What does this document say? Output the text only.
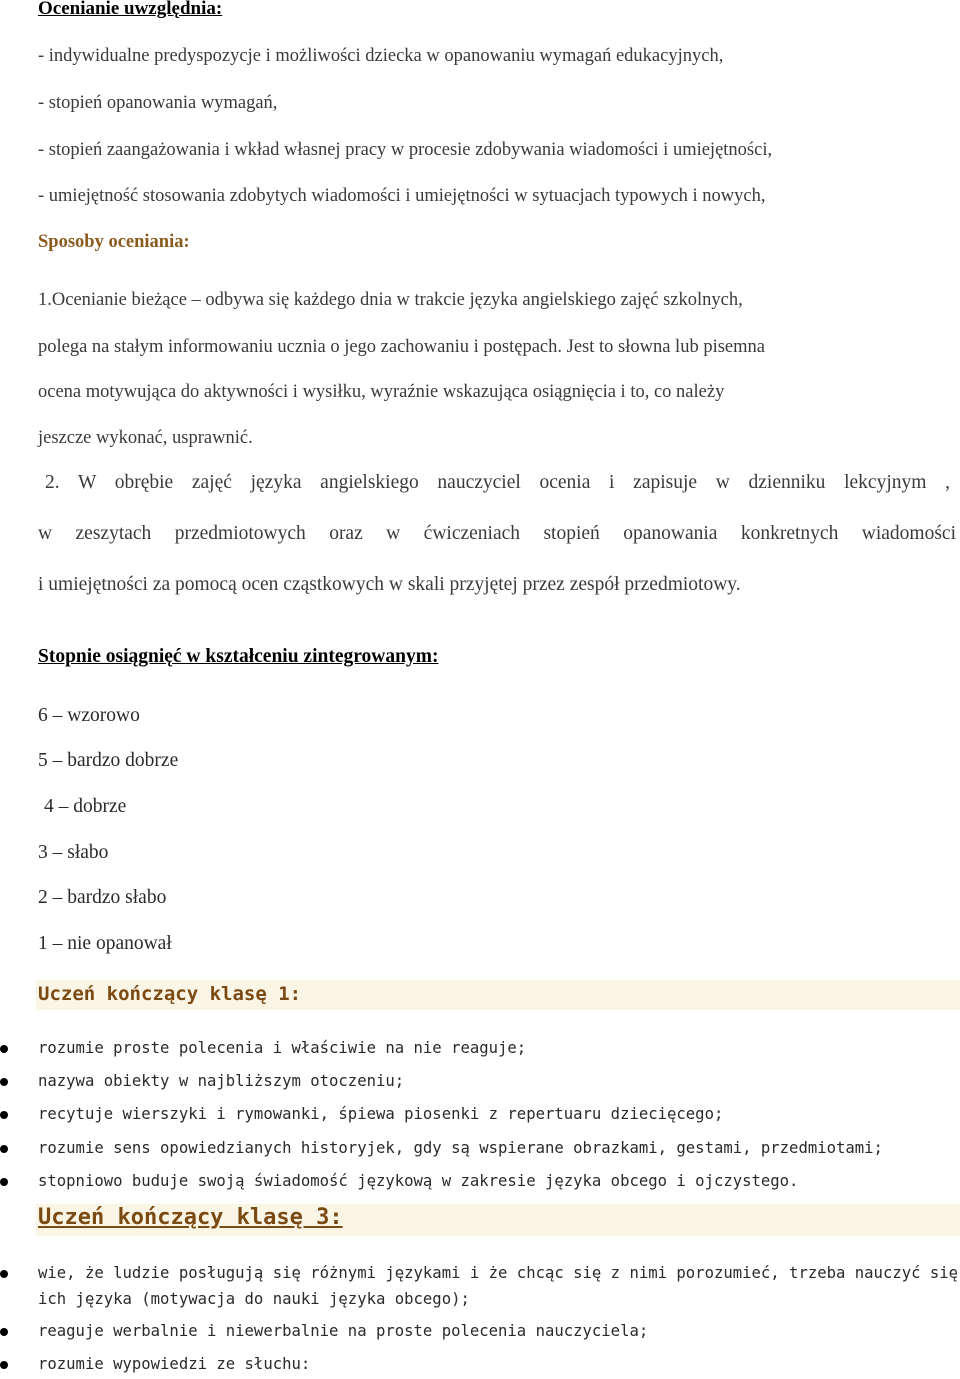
Ocenianie uwzględnia:
- indywidualne predyspozycje i możliwości dziecka w opanowaniu wymagań edukacyjnych,
- stopień opanowania wymagań,
- stopień zaangażowania i wkład własnej pracy w procesie zdobywania wiadomości i umiejętności,
- umiejętność stosowania zdobytych wiadomości i umiejętności w sytuacjach typowych i nowych,
Sposoby oceniania:
1.Ocenianie bieżące – odbywa się każdego dnia w trakcie języka angielskiego zajęć szkolnych,
polega na stałym informowaniu ucznia o jego zachowaniu i postępach. Jest to słowna lub pisemna
ocena motywująca do aktywności i wysiłku, wyraźnie wskazująca osiągnięcia i to, co należy
jeszcze wykonać, usprawnić.
2. W obrębie zajęć języka angielskiego nauczyciel ocenia i zapisuje w dzienniku lekcyjnym ,
w zeszytach przedmiotowych oraz w ćwiczeniach stopień opanowania konkretnych wiadomości
i umiejętności za pomocą ocen cząstkowych w skali przyjętej przez zespół przedmiotowy.
Stopnie osiągnięć w kształceniu zintegrowanym:
6 – wzorowo
5 – bardzo dobrze
4 – dobrze
3 – słabo
2 – bardzo słabo
1 – nie opanował
Uczeń kończący klasę 1:
rozumie proste polecenia i właściwie na nie reaguje;
nazywa obiekty w najbliższym otoczeniu;
recytuje wierszyki i rymowanki, śpiewa piosenki z repertuaru dziecięcego;
rozumie sens opowiedzianych historyjek, gdy są wspierane obrazkami, gestami, przedmiotami;
stopniowo buduje swoją świadomość językową w zakresie języka obcego i ojczystego.
Uczeń kończący klasę 3:
wie, że ludzie posługują się różnymi językami i że chcąc się z nimi porozumieć, trzeba nauczyć się
ich języka (motywacja do nauki języka obcego);
reaguje werbalnie i niewerbalnie na proste polecenia nauczyciela;
rozumie wypowiedzi ze słuchu:
